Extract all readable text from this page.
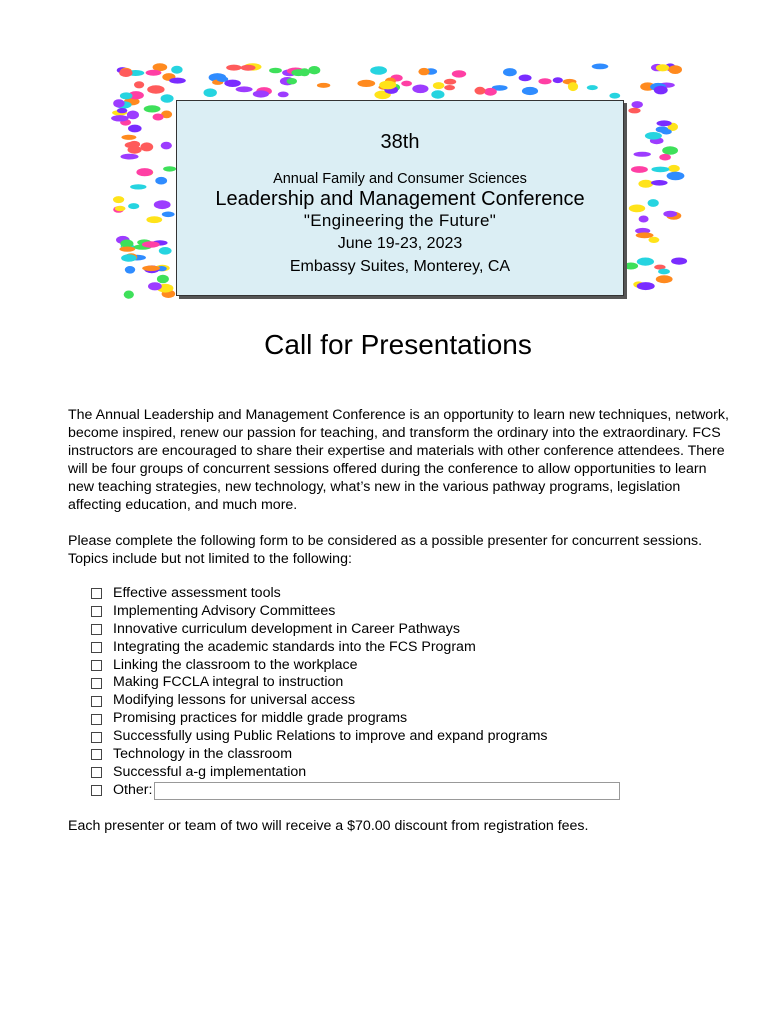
38th
Annual Family and Consumer Sciences
Leadership and Management Conference
"Engineering the Future"
June 19-23, 2023
Embassy Suites, Monterey, CA
Call for Presentations

The Annual Leadership and Management Conference is an opportunity to learn new techniques, network, become inspired, renew our passion for teaching, and transform the ordinary into the extraordinary. FCS instructors are encouraged to share their expertise and materials with other conference attendees. There will be four groups of concurrent sessions offered during the conference to allow opportunities to learn new teaching strategies, new technology, what’s new in the various pathway programs, legislation affecting education, and much more.

Please complete the following form to be considered as a possible presenter for concurrent sessions. Topics include but not limited to the following:

Effective assessment tools
Implementing Advisory Committees
Innovative curriculum development in Career Pathways
Integrating the academic standards into the FCS Program
Linking the classroom to the workplace
Making FCCLA integral to instruction
Modifying lessons for universal access
Promising practices for middle grade programs
Successfully using Public Relations to improve and expand programs
Technology in the classroom
Successful a-g implementation
Other:
Each presenter or team of two will receive a $70.00 discount from registration fees.
